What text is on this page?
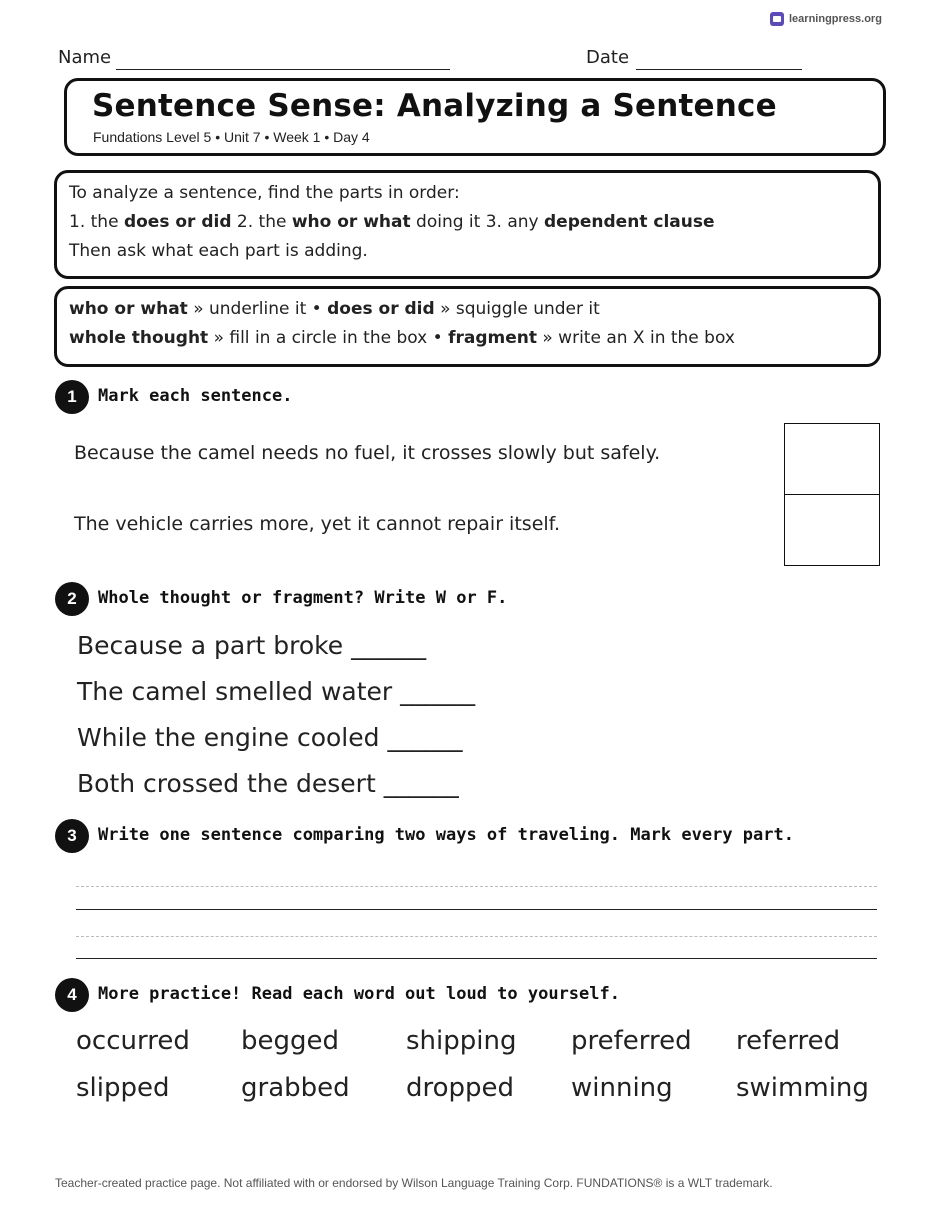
learningpress.org
Name	Date
Sentence Sense: Analyzing a Sentence
Fundations Level 5 • Unit 7 • Week 1 • Day 4
To analyze a sentence, find the parts in order:
1. the does or did 2. the who or what doing it 3. any dependent clause
Then ask what each part is adding.
who or what » underline it • does or did » squiggle under it
whole thought » fill in a circle in the box • fragment » write an X in the box
1	Mark each sentence.
Because the camel needs no fuel, it crosses slowly but safely.
The vehicle carries more, yet it cannot repair itself.
2	Whole thought or fragment? Write W or F.
Because a part broke ______
The camel smelled water ______
While the engine cooled ______
Both crossed the desert ______
3	Write one sentence comparing two ways of traveling. Mark every part.
4	More practice! Read each word out loud to yourself.
occurred begged	shipping preferred referred
slipped	grabbed dropped winning swimming
Teacher-created practice page. Not affiliated with or endorsed by Wilson Language Training Corp. FUNDATIONS® is a WLT trademark.
